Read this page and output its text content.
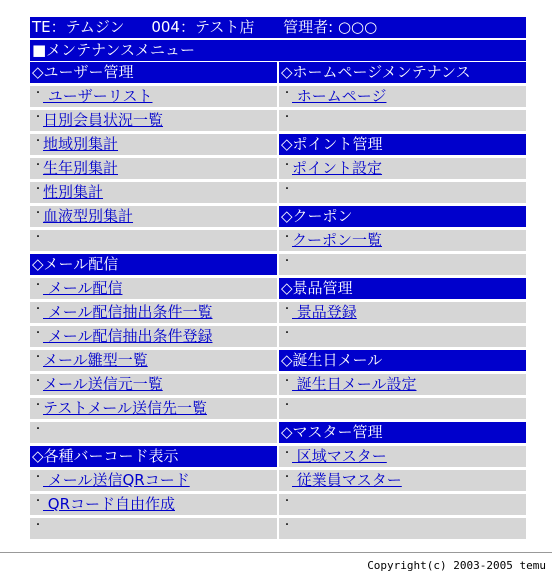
TE：テムジン 004：テスト店 管理者: ○○○
■メンテナンスメニュー
◇ユーザー管理
・ ユーザーリスト
・日別会員状況一覧
・地域別集計
・生年別集計
・性別集計
・血液型別集計
・
◇メール配信
・ メール配信
・ メール配信抽出条件一覧
・ メール配信抽出条件登録
・メール雛型一覧
・メール送信元一覧
・テストメール送信先一覧
・
◇各種バーコード表示
・ メール送信QRコード
・ QRコード自由作成
・
◇ホームページメンテナンス
・ ホームページ
・
◇ポイント管理
・ポイント設定
・
◇クーポン
・クーポン一覧
・
◇景品管理
・ 景品登録
・
◇誕生日メール
・ 誕生日メール設定
・
◇マスター管理
・ 区域マスター
・ 従業員マスター
・
・
Copyright(c) 2003-2005 temu
